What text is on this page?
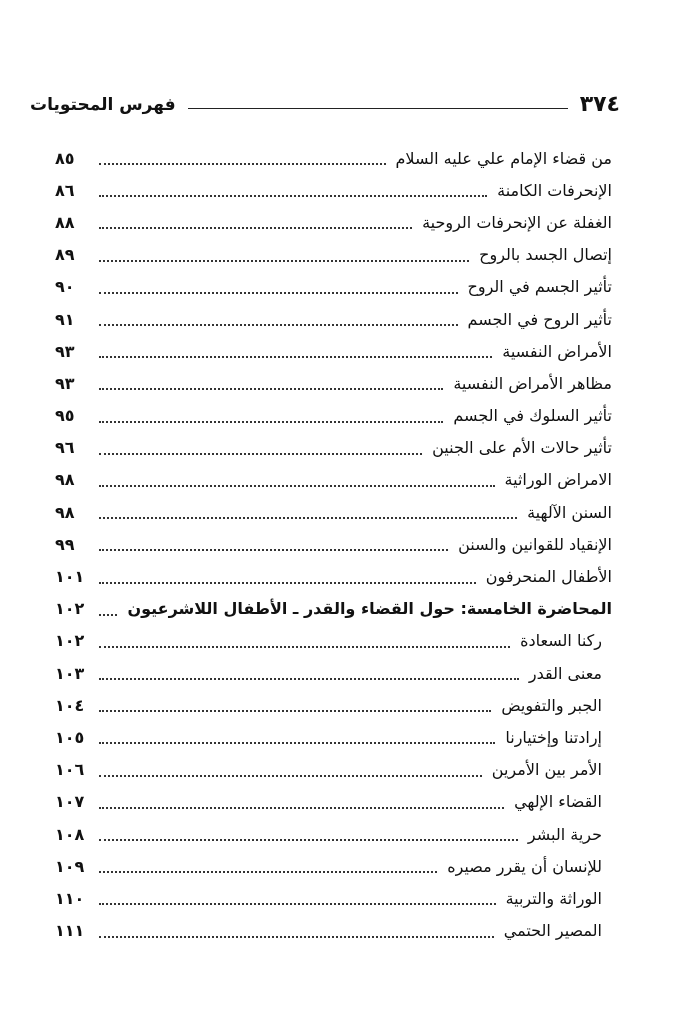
٣٧٤
فهرس المحتويات
من قضاء الإمام علي عليه السلام
٨٥
الإنحرفات الكامنة
٨٦
الغفلة عن الإنحرفات الروحية
٨٨
إتصال الجسد بالروح
٨٩
تأثير الجسم في الروح
٩٠
تأثير الروح في الجسم
٩١
الأمراض النفسية
٩٣
مظاهر الأمراض النفسية
٩٣
تأثير السلوك في الجسم
٩٥
تأثير حالات الأم على الجنين
٩٦
الامراض الوراثية
٩٨
السنن الآلهية
٩٨
الإنقياد للقوانين والسنن
٩٩
الأطفال المنحرفون
١٠١
المحاضرة الخامسة: حول القضاء والقدر ـ الأطفال اللاشرعيون
١٠٢
ركنا السعادة
١٠٢
معنى القدر
١٠٣
الجبر والتفويض
١٠٤
إرادتنا وإختيارنا
١٠٥
الأمر بين الأمرين
١٠٦
القضاء الإلهي
١٠٧
حرية البشر
١٠٨
للإنسان أن يقرر مصيره
١٠٩
الوراثة والتربية
١١٠
المصير الحتمي
١١١
